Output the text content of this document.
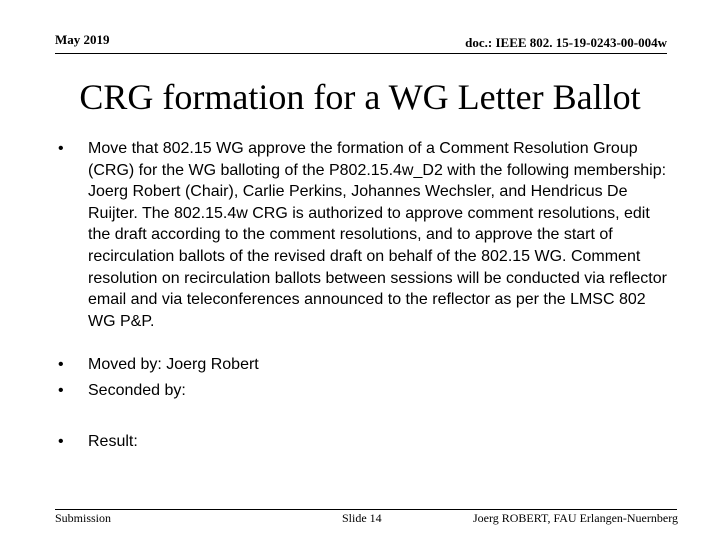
May 2019	doc.: IEEE 802. 15-19-0243-00-004w
CRG formation for a WG Letter Ballot
• Move that 802.15 WG approve the formation of a Comment Resolution Group (CRG) for the WG balloting of the P802.15.4w_D2 with the following membership: Joerg Robert (Chair), Carlie Perkins, Johannes Wechsler, and Hendricus De Ruijter. The 802.15.4w CRG is authorized to approve comment resolutions, edit the draft according to the comment resolutions, and to approve the start of recirculation ballots of the revised draft on behalf of the 802.15 WG. Comment resolution on recirculation ballots between sessions will be conducted via reflector email and via teleconferences announced to the reflector as per the LMSC 802 WG P&P.
• Moved by: Joerg Robert
• Seconded by:
• Result:
Submission	Slide 14	Joerg ROBERT, FAU Erlangen-Nuernberg
